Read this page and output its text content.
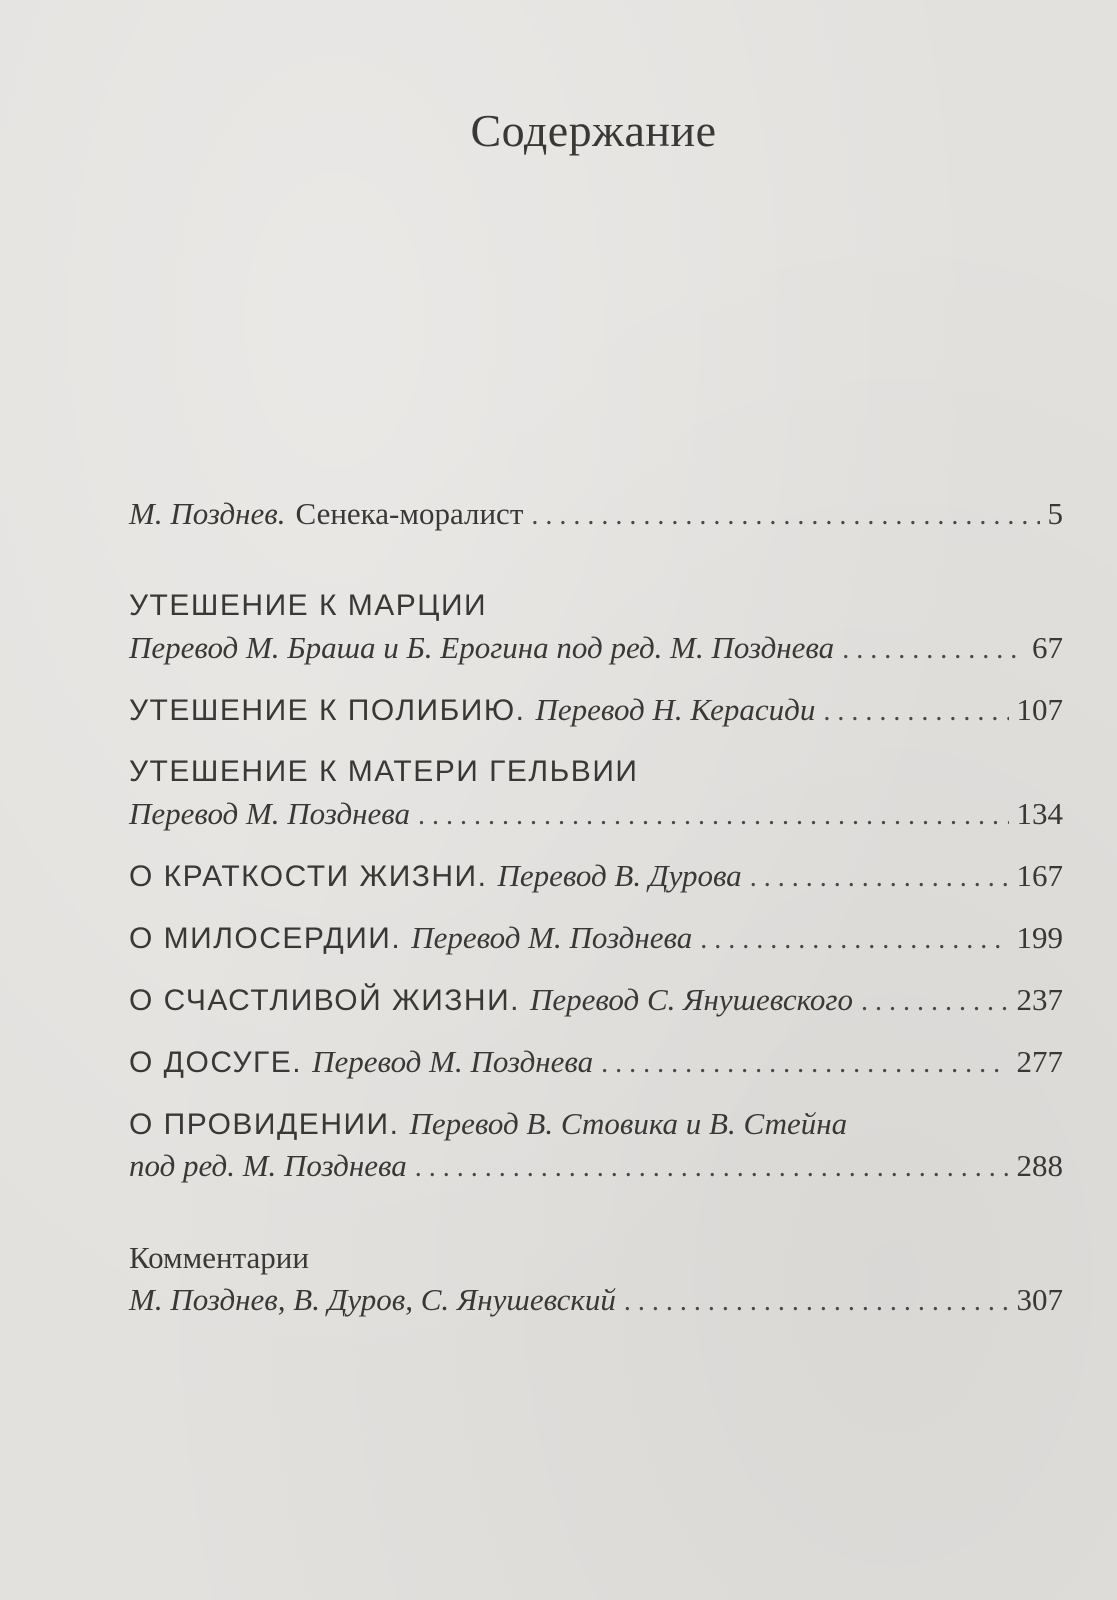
Содержание
М. Позднев. Сенека-моралист . . .	5
УТЕШЕНИЕ К МАРЦИИ
Перевод М. Браша и Б. Ерогина под ред. М. Позднева . . .	67
УТЕШЕНИЕ К ПОЛИБИЮ. Перевод Н. Керасиди . . .	107
УТЕШЕНИЕ К МАТЕРИ ГЕЛЬВИИ
Перевод М. Позднева . . .	134
О КРАТКОСТИ ЖИЗНИ. Перевод В. Дурова . . .	167
О МИЛОСЕРДИИ. Перевод М. Позднева . . .	199
О СЧАСТЛИВОЙ ЖИЗНИ. Перевод С. Янушевского . . .	237
О ДОСУГЕ. Перевод М. Позднева . . .	277
О ПРОВИДЕНИИ. Перевод В. Стовика и В. Стейна
под ред. М. Позднева . . .	288
Комментарии
М. Позднев, В. Дуров, С. Янушевский . . .	307
